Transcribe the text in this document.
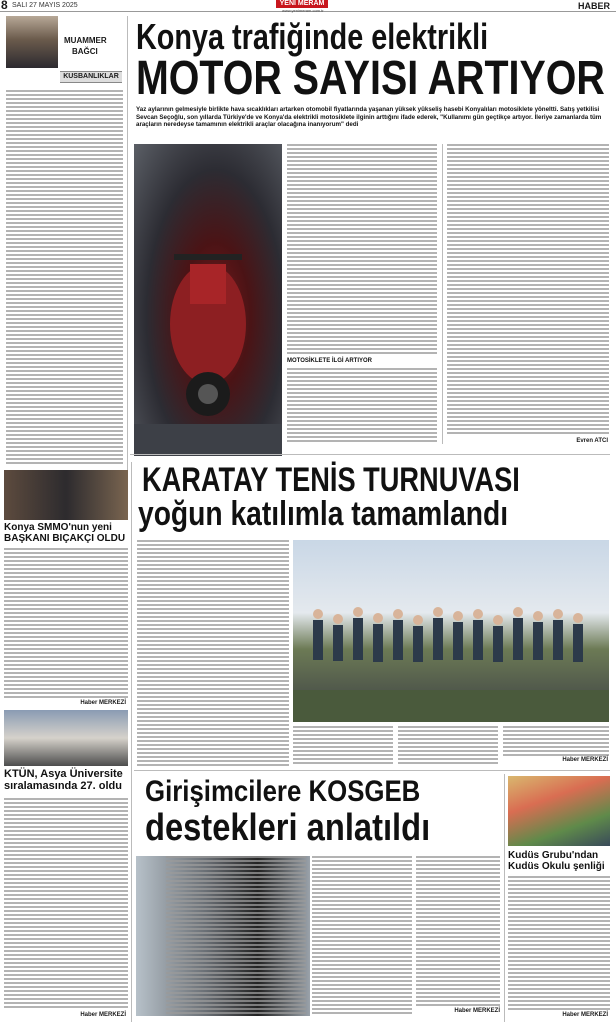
8 SALI 27 MAYIS 2025	YENİ MERAM
www.yenimeram.com.tr	HABER
MUAMMER
BAĞCI
KUSBANLIKLAR
Konya trafiğinde elektrikli
MOTOR SAYISI ARTIYOR
Yaz aylarının gelmesiyle birlikte hava sıcaklıkları artarken otomobil fiyatlarında yaşanan yüksek yükseliş hasebi Konyalıları motosiklete yöneltti. Satış yetkilisi Sevcan Seçoğlu, son yıllarda Türkiye'de ve Konya'da elektrikli motosiklete ilginin arttığını ifade ederek, "Kullanımı gün geçtikçe artıyor. İleriye zamanlarda tüm araçların neredeyse tamamının elektrikli araçlar olacağına inanıyorum" dedi
MOTOSİKLETE İLGİ ARTIYOR
Evren ATCI
Konya SMMO'nun yeni BAŞKANI BIÇAKÇI OLDU
Haber MERKEZİ
KTÜN, Asya Üniversite sıralamasında 27. oldu
Haber MERKEZİ
KARATAY TENİS TURNUVASI
yoğun katılımla tamamlandı
Haber MERKEZİ
Girişimcilere KOSGEB
destekleri anlatıldı
Haber MERKEZİ
Kudüs Grubu'ndan Kudüs Okulu şenliği
Haber MERKEZİ
